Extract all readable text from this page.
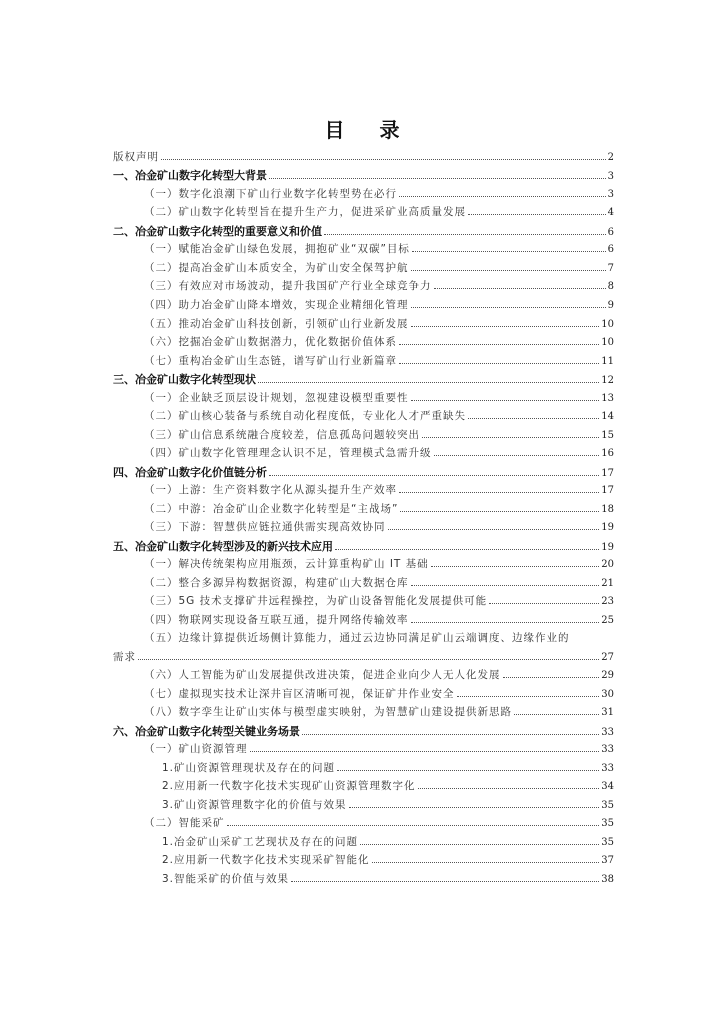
目 录
版权声明	2
一、冶金矿山数字化转型大背景	3
（一）数字化浪潮下矿山行业数字化转型势在必行	3
（二）矿山数字化转型旨在提升生产力，促进采矿业高质量发展	4
二、冶金矿山数字化转型的重要意义和价值	6
（一）赋能冶金矿山绿色发展，拥抱矿业“双碳”目标	6
（二）提高冶金矿山本质安全，为矿山安全保驾护航	7
（三）有效应对市场波动，提升我国矿产行业全球竞争力	8
（四）助力冶金矿山降本增效，实现企业精细化管理	9
（五）推动冶金矿山科技创新，引领矿山行业新发展	10
（六）挖掘冶金矿山数据潜力，优化数据价值体系	10
（七）重构冶金矿山生态链，谱写矿山行业新篇章	11
三、冶金矿山数字化转型现状	12
（一）企业缺乏顶层设计规划，忽视建设模型重要性	13
（二）矿山核心装备与系统自动化程度低，专业化人才严重缺失	14
（三）矿山信息系统融合度较差，信息孤岛问题较突出	15
（四）矿山数字化管理理念认识不足，管理模式急需升级	16
四、冶金矿山数字化价值链分析	17
（一）上游：生产资料数字化从源头提升生产效率	17
（二）中游：冶金矿山企业数字化转型是“主战场”	18
（三）下游：智慧供应链拉通供需实现高效协同	19
五、冶金矿山数字化转型涉及的新兴技术应用	19
（一）解决传统架构应用瓶颈，云计算重构矿山 IT 基础	20
（二）整合多源异构数据资源，构建矿山大数据仓库	21
（三）5G 技术支撑矿井远程操控，为矿山设备智能化发展提供可能	23
（四）物联网实现设备互联互通，提升网络传输效率	25
（五）边缘计算提供近场侧计算能力，通过云边协同满足矿山云端调度、边缘作业的
需求	27
（六）人工智能为矿山发展提供改进决策，促进企业向少人无人化发展	29
（七）虚拟现实技术让深井盲区清晰可视，保证矿井作业安全	30
（八）数字孪生让矿山实体与模型虚实映射，为智慧矿山建设提供新思路	31
六、冶金矿山数字化转型关键业务场景	33
（一）矿山资源管理	33
1.矿山资源管理现状及存在的问题	33
2.应用新一代数字化技术实现矿山资源管理数字化	34
3.矿山资源管理数字化的价值与效果	35
（二）智能采矿	35
1.冶金矿山采矿工艺现状及存在的问题	35
2.应用新一代数字化技术实现采矿智能化	37
3.智能采矿的价值与效果	38
